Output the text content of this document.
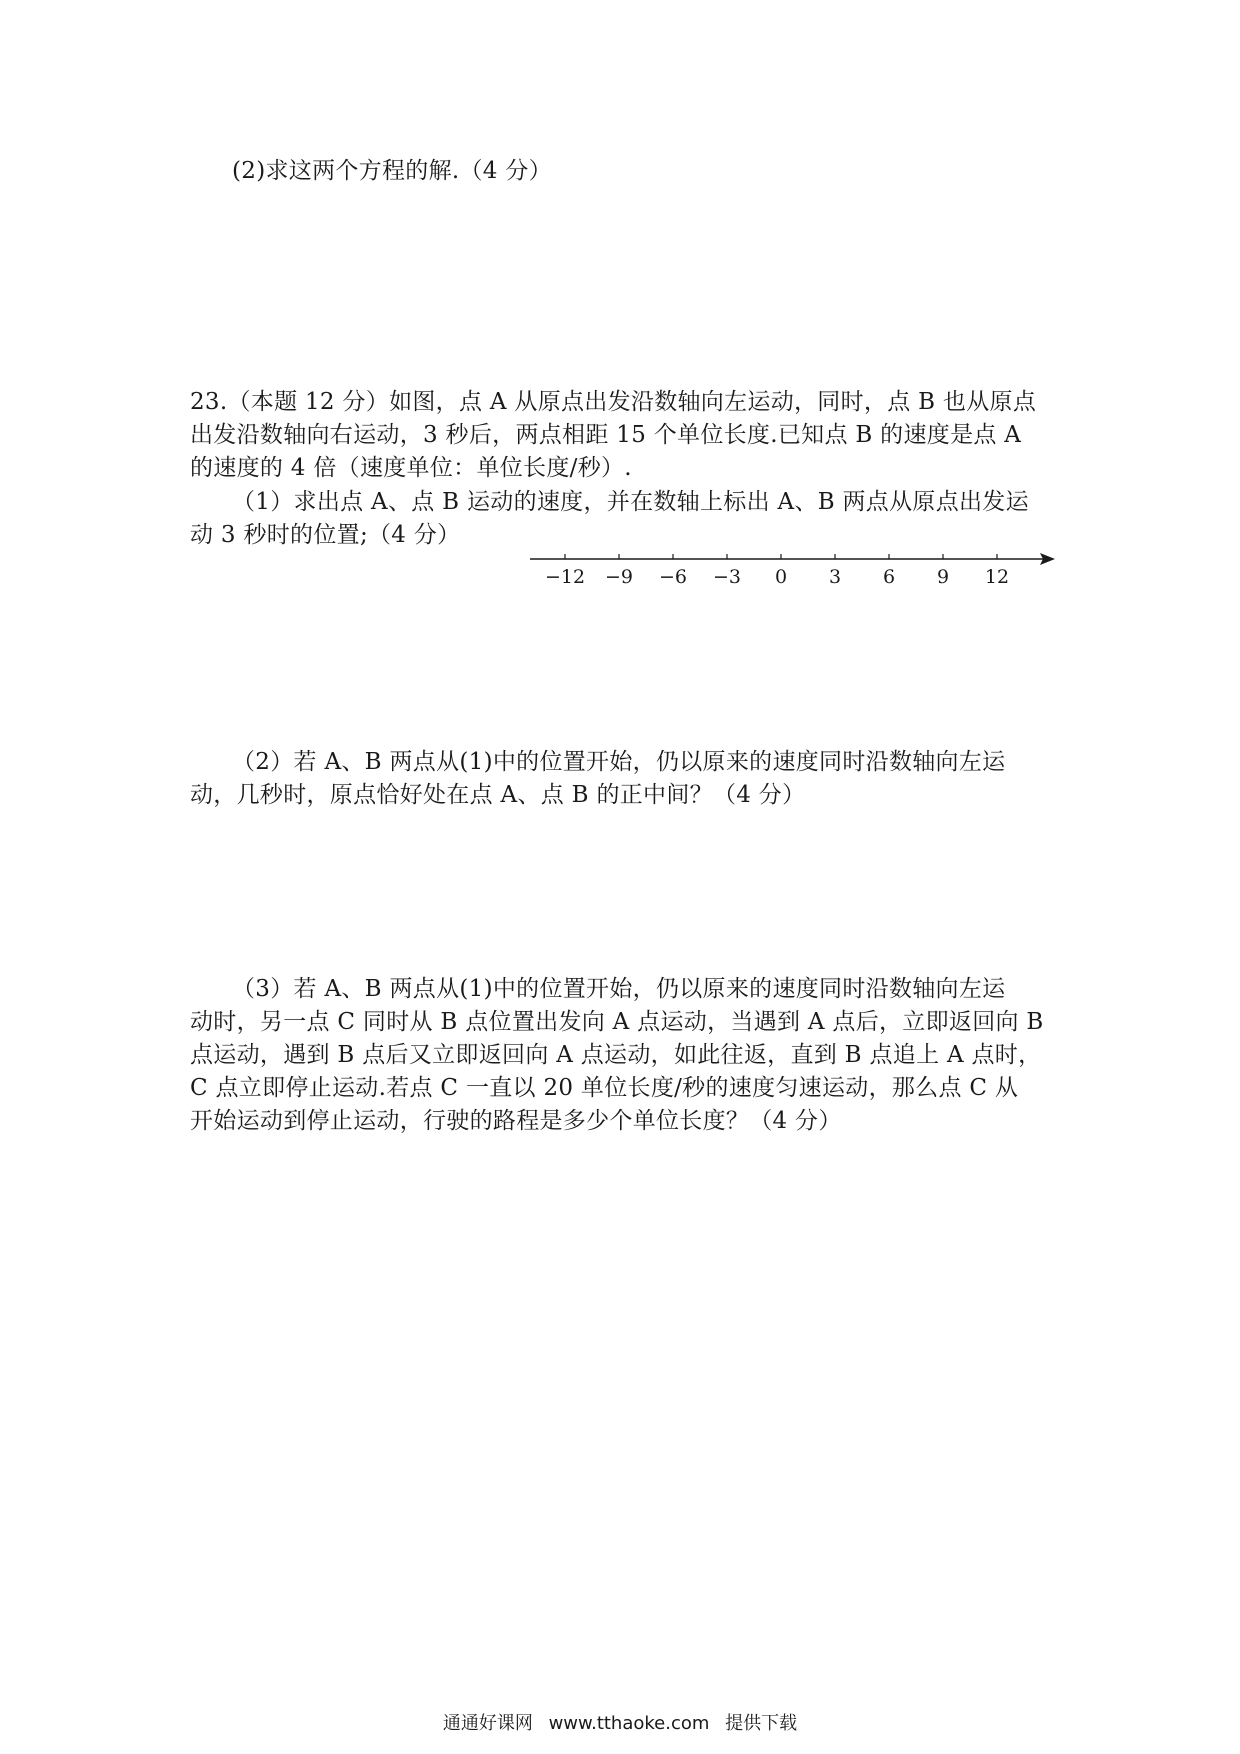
(2)求这两个方程的解.（4 分）
23.（本题 12 分）如图，点 A 从原点出发沿数轴向左运动，同时，点 B 也从原点
出发沿数轴向右运动，3 秒后，两点相距 15 个单位长度.已知点 B 的速度是点 A
的速度的 4 倍（速度单位：单位长度/秒）.
（1）求出点 A、点 B 运动的速度，并在数轴上标出 A、B 两点从原点出发运
动 3 秒时的位置;（4 分）
−12 −9 −6 −3 0 3 6 9 12
（2）若 A、B 两点从(1)中的位置开始，仍以原来的速度同时沿数轴向左运
动，几秒时，原点恰好处在点 A、点 B 的正中间？（4 分）
（3）若 A、B 两点从(1)中的位置开始，仍以原来的速度同时沿数轴向左运
动时，另一点 C 同时从 B 点位置出发向 A 点运动，当遇到 A 点后，立即返回向 B
点运动，遇到 B 点后又立即返回向 A 点运动，如此往返，直到 B 点追上 A 点时，
C 点立即停止运动.若点 C 一直以 20 单位长度/秒的速度匀速运动，那么点 C 从
开始运动到停止运动，行驶的路程是多少个单位长度？（4 分）
通通好课网 www.tthaoke.com 提供下载
